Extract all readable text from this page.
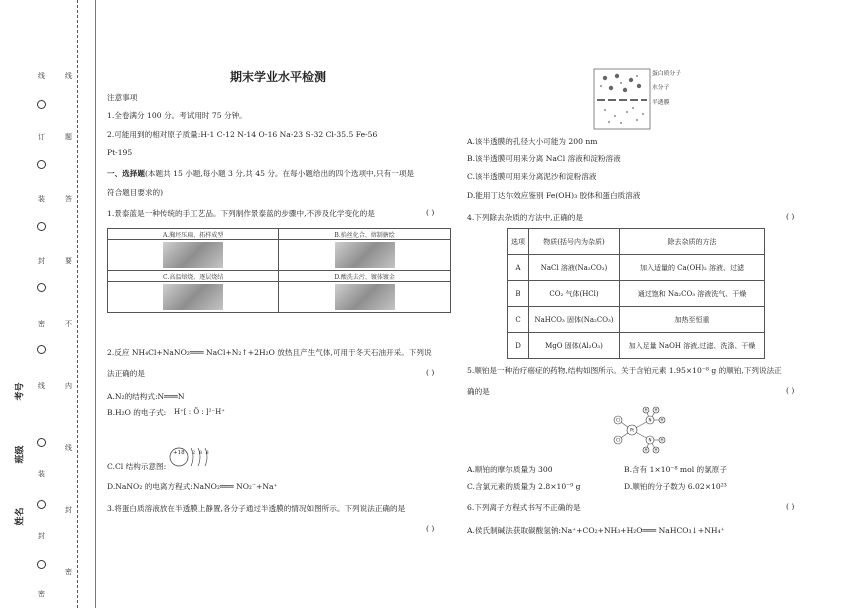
考号
班级
姓名
线
题
答
要
不
内
线
封
密
线
订
装
封
密
线
装
封
密
期末学业水平检测
注意事项
1.全卷满分 100 分。考试用时 75 分钟。
2.可能用到的相对原子质量:H-1 C-12 N-14 O-16 Na-23 S-32 Cl-35.5 Fe-56
Pt-195
一、选择题(本题共 15 小题,每小题 3 分,共 45 分。在每小题给出的四个选项中,只有一项是
符合题目要求的)
1.景泰蓝是一种传统的手工艺品。下列制作景泰蓝的步骤中,不涉及化学变化的是	( )
A.胸坯压扁、拓样成型	B.掐丝化合、熔制搪绘

C.高温熔烧、逐层烧结	D.酸洗去污、镀体镀金

2.反应 NH₄Cl+NaNO₂═══ NaCl+N₂↑+2H₂O 放热且产生气体,可用于冬天石油开采。下列说
法正确的是	( )
A.N₂的结构式:N═══N
B.H₂O 的电子式: H⁺[ : Ö : ]²⁻H⁺
+18 2 8 8
C.Cl 结构示意图:
D.NaNO₂ 的电离方程式:NaNO₂═══ NO₂⁻+Na⁺
3.将蛋白质溶液放在半透膜上静置,各分子通过半透膜的情况如图所示。下列说法正确的是
( )
蛋白质分子
水分子
半透膜
A.该半透膜的孔径大小可能为 200 nm
B.该半透膜可用来分离 NaCl 溶液和淀粉溶液
C.该半透膜可用来分离泥沙和淀粉溶液
D.能用丁达尔效应鉴别 Fe(OH)₃ 胶体和蛋白质溶液
4.下列除去杂质的方法中,正确的是	( )
选项	物质(括号内为杂质)	除去杂质的方法
A	NaCl 溶液(Na₂CO₃)	加入适量的 Ca(OH)₂ 溶液、过滤
B	CO₂ 气体(HCl)	通过饱和 Na₂CO₃ 溶液洗气、干燥
C	NaHCO₃ 固体(Na₂CO₃)	加热至恒重
D	MgO 固体(Al₂O₃)	加入足量 NaOH 溶液,过滤、洗涤、干燥
5.顺铂是一种治疗癌症的药物,结构如图所示。关于含铂元素 1.95×10⁻⁸ g 的顺铂,下列说法正
确的是	( )
Pt
Cl
Cl
N
N
H
H
H
H
H
H
A.顺铂的摩尔质量为 300	B.含有 1×10⁻⁸ mol 的氯原子
C.含氯元素的质量为 2.8×10⁻⁹ g	D.顺铂的分子数为 6.02×10²³
6.下列离子方程式书写不正确的是	( )
A.侯氏制碱法获取碳酸氢钠:Na⁺+CO₂+NH₃+H₂O═══ NaHCO₃↓+NH₄⁺
